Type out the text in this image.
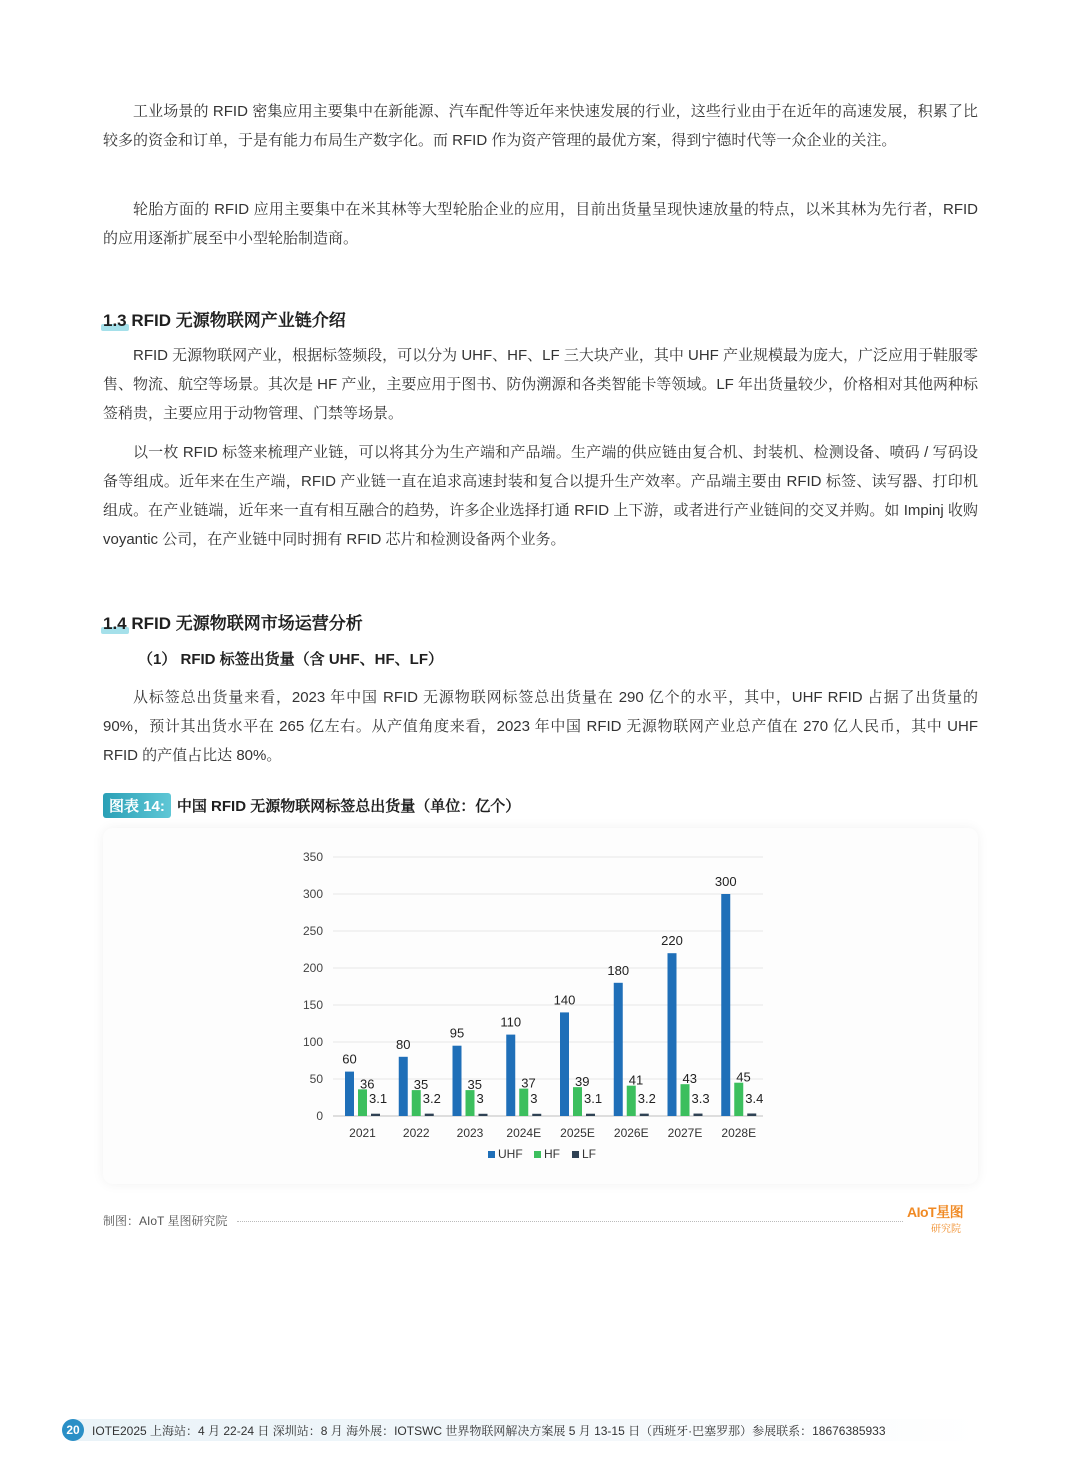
工业场景的 RFID 密集应用主要集中在新能源、汽车配件等近年来快速发展的行业，这些行业由于在近年的高速发展，积累了比较多的资金和订单，于是有能力布局生产数字化。而 RFID 作为资产管理的最优方案，得到宁德时代等一众企业的关注。

轮胎方面的 RFID 应用主要集中在米其林等大型轮胎企业的应用，目前出货量呈现快速放量的特点，以米其林为先行者，RFID 的应用逐渐扩展至中小型轮胎制造商。

1.3 RFID 无源物联网产业链介绍

RFID 无源物联网产业，根据标签频段，可以分为 UHF、HF、LF 三大块产业，其中 UHF 产业规模最为庞大，广泛应用于鞋服零售、物流、航空等场景。其次是 HF 产业，主要应用于图书、防伪溯源和各类智能卡等领域。LF 年出货量较少，价格相对其他两种标签稍贵，主要应用于动物管理、门禁等场景。

以一枚 RFID 标签来梳理产业链，可以将其分为生产端和产品端。生产端的供应链由复合机、封装机、检测设备、喷码 / 写码设备等组成。近年来在生产端，RFID 产业链一直在追求高速封装和复合以提升生产效率。产品端主要由 RFID 标签、读写器、打印机组成。在产业链端，近年来一直有相互融合的趋势，许多企业选择打通 RFID 上下游，或者进行产业链间的交叉并购。如 Impinj 收购 voyantic 公司，在产业链中同时拥有 RFID 芯片和检测设备两个业务。

1.4 RFID 无源物联网市场运营分析
（1） RFID 标签出货量（含 UHF、HF、LF）

从标签总出货量来看，2023 年中国 RFID 无源物联网标签总出货量在 290 亿个的水平，其中，UHF RFID 占据了出货量的 90%，预计其出货水平在 265 亿左右。从产值角度来看，2023 年中国 RFID 无源物联网产业总产值在 270 亿人民币，其中 UHF RFID 的产值占比达 80%。

图表 14: 中国 RFID 无源物联网标签总出货量（单位：亿个）
0
50
100
150
200
250
300
350
60
36
3.1
2021
80
35
3.2
2022
95
35
3
2023
110
37
3
2024E
140
39
3.1
2025E
180
41
3.2
2026E
220
43
3.3
2027E
300
45
3.4
2028E
UHF HF LF
制图：AIoT 星图研究院
AIoT星图
研究院
20	IOTE2025 上海站：4 月 22-24 日 深圳站：8 月 海外展：IOTSWC 世界物联网解决方案展 5 月 13-15 日（西班牙·巴塞罗那）参展联系：18676385933
